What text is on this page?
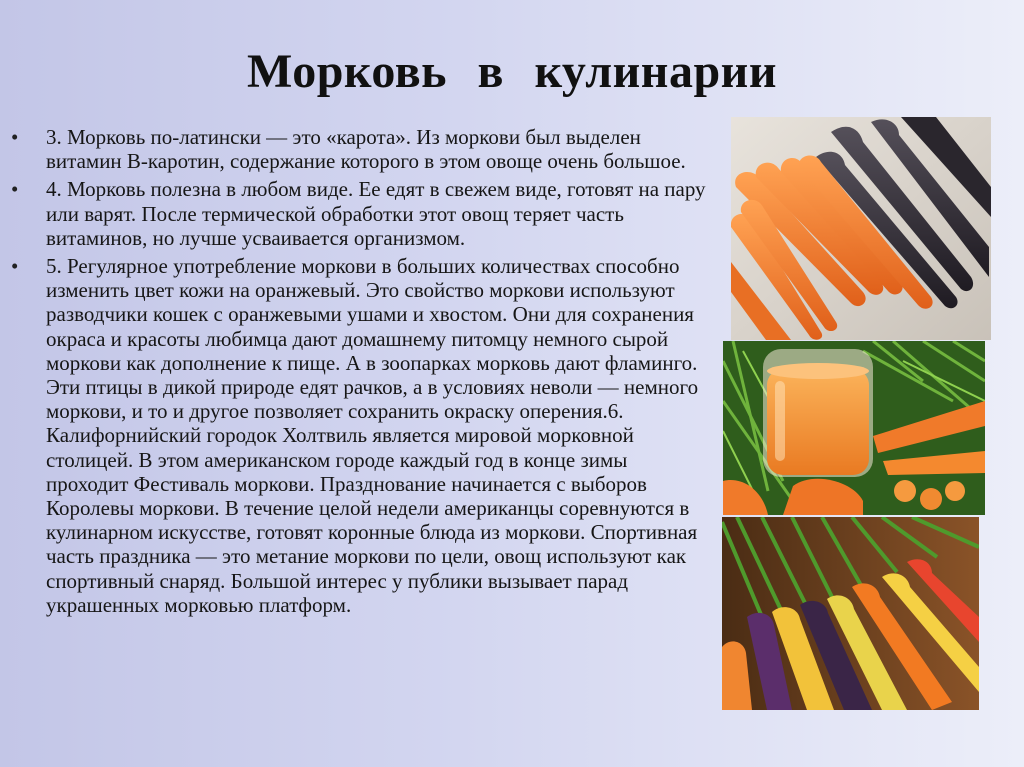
Морковь в кулинарии
• 3. Морковь по-латински — это «карота». Из моркови был выделен витамин В-каротин, содержание которого в этом овоще очень большое.
• 4. Морковь полезна в любом виде. Ее едят в свежем виде, готовят на пару или варят. После термической обработки этот овощ теряет часть витаминов, но лучше усваивается организмом.
• 5. Регулярное употребление моркови в больших количествах способно изменить цвет кожи на оранжевый. Это свойство моркови используют разводчики кошек с оранжевыми ушами и хвостом. Они для сохранения окраса и красоты любимца дают домашнему питомцу немного сырой моркови как дополнение к пище. А в зоопарках морковь дают фламинго. Эти птицы в дикой природе едят рачков, а в условиях неволи — немного моркови, и то и другое позволяет сохранить окраску оперения.6. Калифорнийский городок Холтвиль является мировой морковной столицей. В этом американском городе каждый год в конце зимы проходит Фестиваль моркови. Празднование начинается с выборов Королевы моркови. В течение целой недели американцы соревнуются в кулинарном искусстве, готовят коронные блюда из моркови. Спортивная часть праздника — это метание моркови по цели, овощ используют как спортивный снаряд. Большой интерес у публики вызывает парад украшенных морковью платформ.
